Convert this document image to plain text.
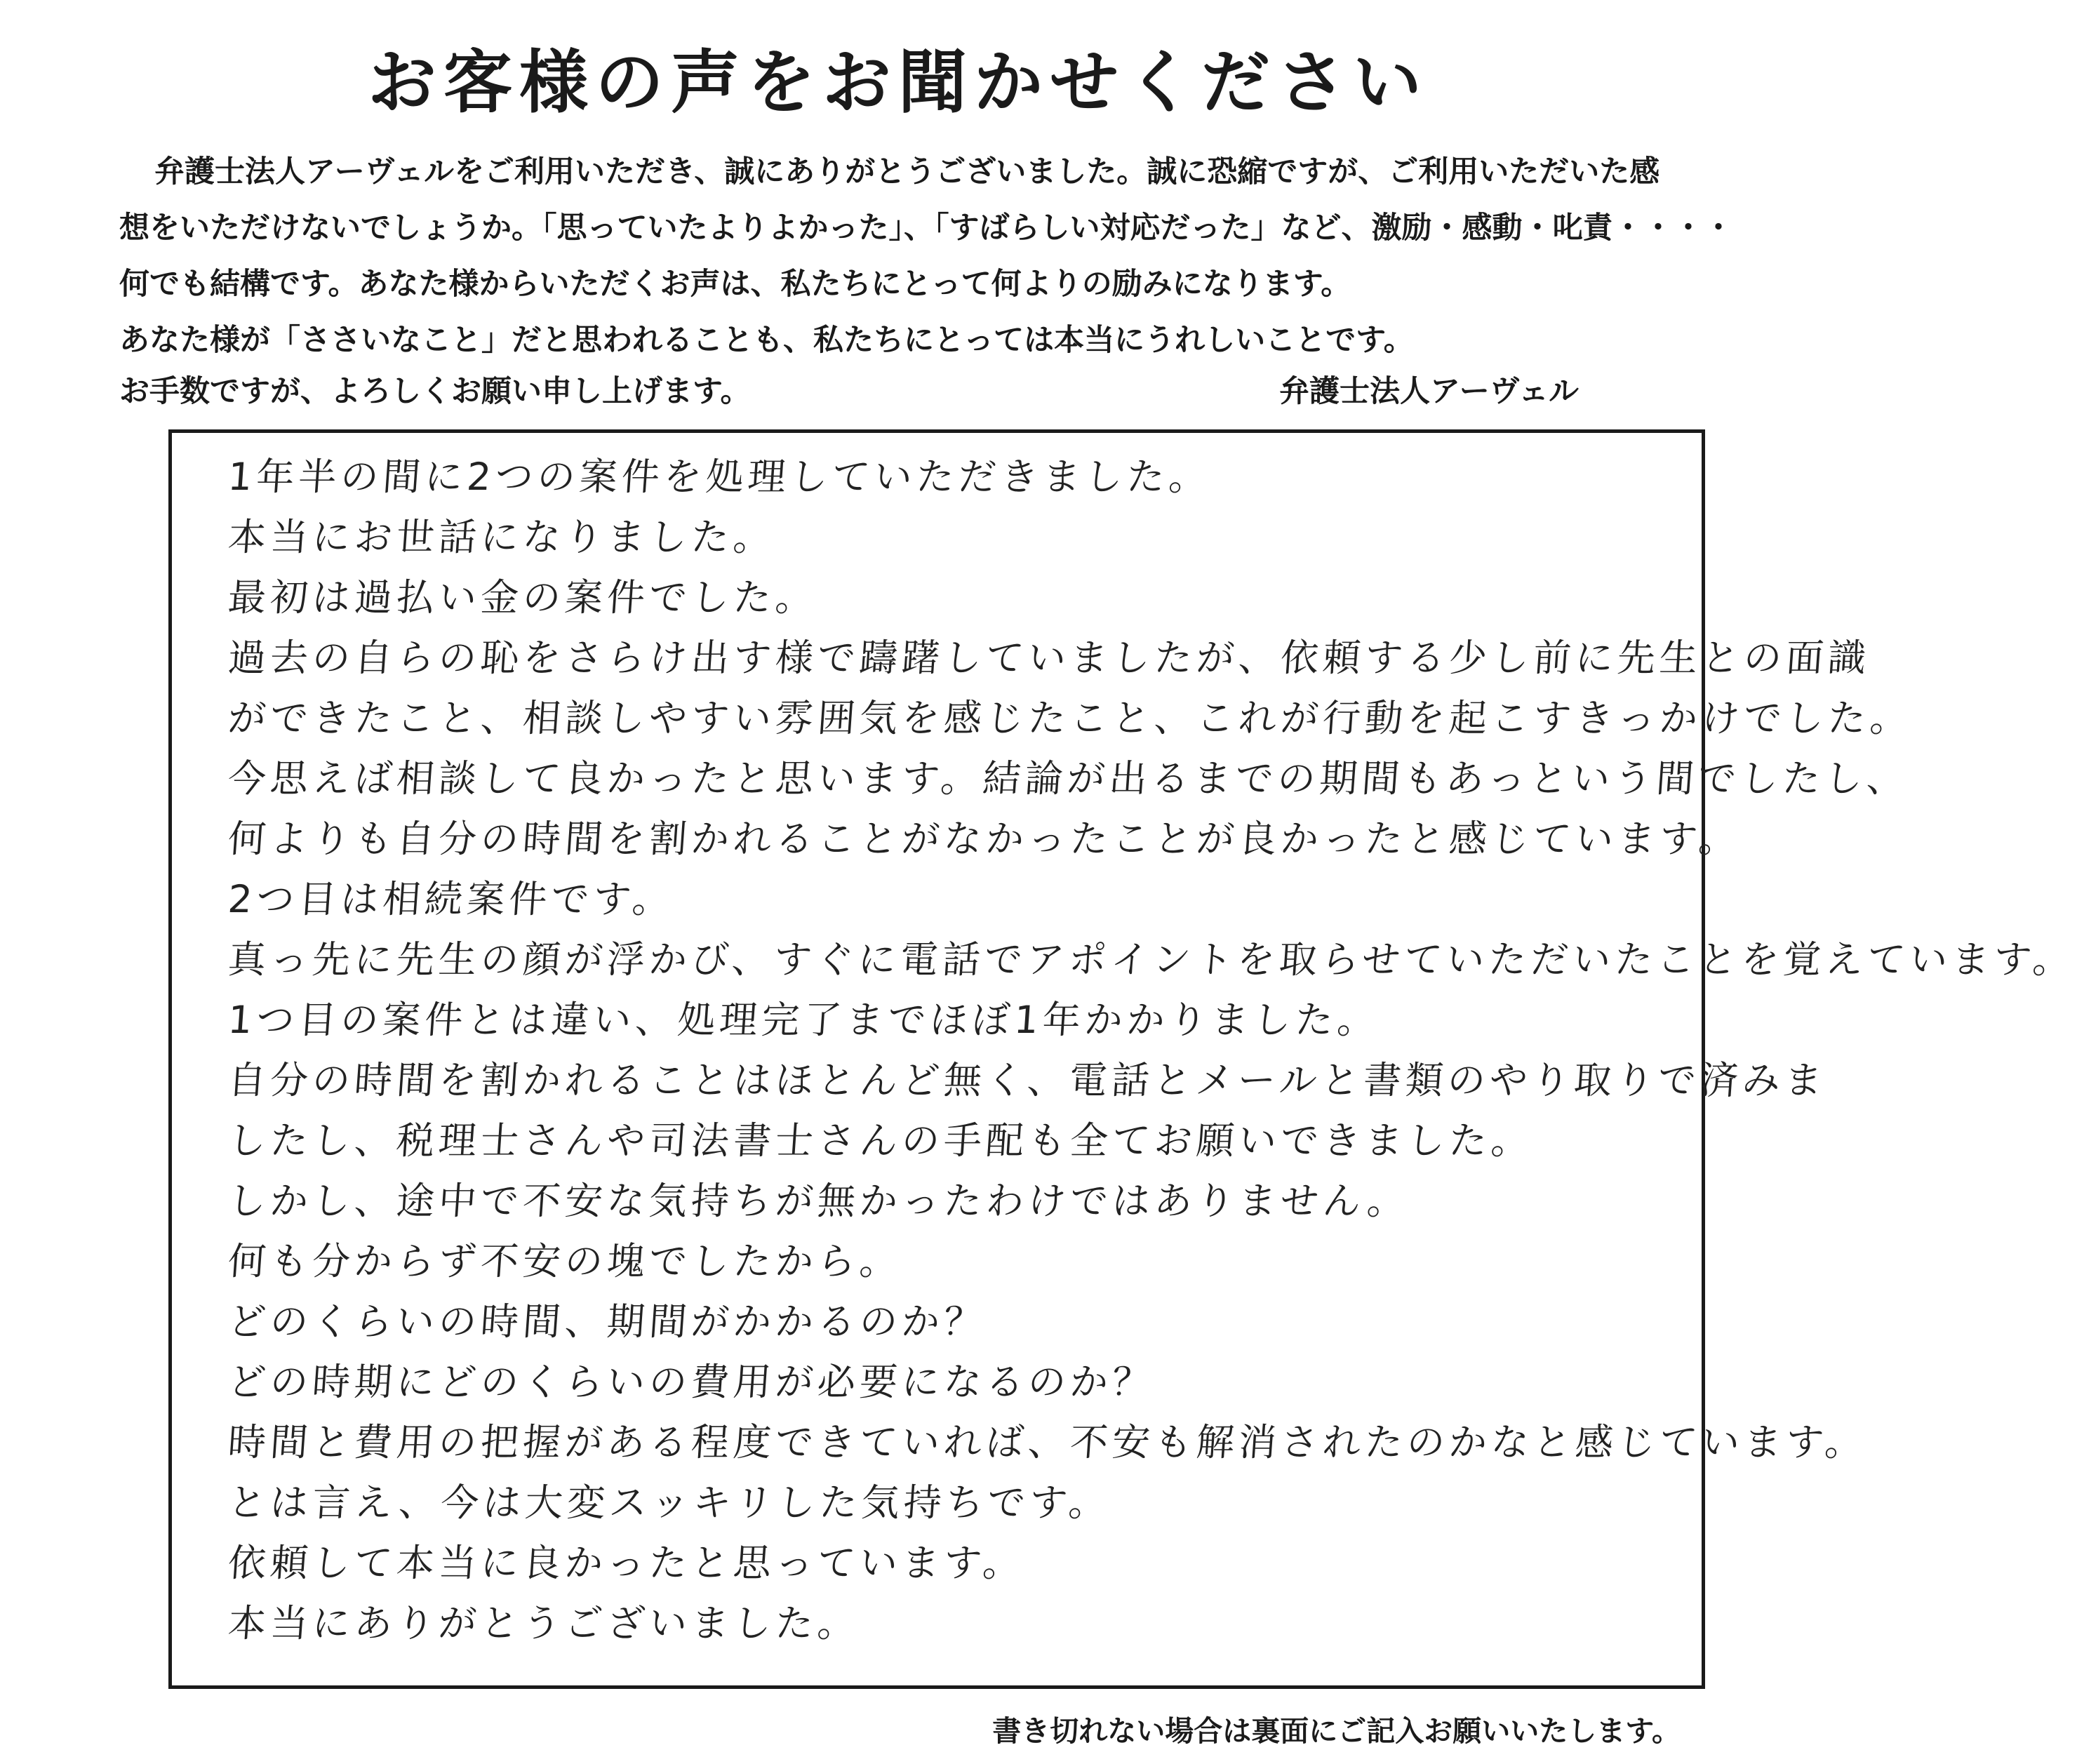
お客様の声をお聞かせください
弁護士法人アーヴェルをご利用いただき、誠にありがとうございました。誠に恐縮ですが、ご利用いただいた感
想をいただけないでしょうか。「思っていたよりよかった」、「すばらしい対応だった」など、激励・感動・叱責・・・・
何でも結構です。あなた様からいただくお声は、私たちにとって何よりの励みになります。
あなた様が「ささいなこと」だと思われることも、私たちにとっては本当にうれしいことです。
お手数ですが、よろしくお願い申し上げます。	弁護士法人アーヴェル
1年半の間に2つの案件を処理していただきました。
本当にお世話になりました。
最初は過払い金の案件でした。
過去の自らの恥をさらけ出す様で躊躇していましたが、依頼する少し前に先生との面識
ができたこと、相談しやすい雰囲気を感じたこと、これが行動を起こすきっかけでした。
今思えば相談して良かったと思います。結論が出るまでの期間もあっという間でしたし、
何よりも自分の時間を割かれることがなかったことが良かったと感じています。
2つ目は相続案件です。
真っ先に先生の顔が浮かび、すぐに電話でアポイントを取らせていただいたことを覚えています。
1つ目の案件とは違い、処理完了までほぼ1年かかりました。
自分の時間を割かれることはほとんど無く、電話とメールと書類のやり取りで済みま
したし、税理士さんや司法書士さんの手配も全てお願いできました。
しかし、途中で不安な気持ちが無かったわけではありません。
何も分からず不安の塊でしたから。
どのくらいの時間、期間がかかるのか？
どの時期にどのくらいの費用が必要になるのか？
時間と費用の把握がある程度できていれば、不安も解消されたのかなと感じています。
とは言え、今は大変スッキリした気持ちです。
依頼して本当に良かったと思っています。
本当にありがとうございました。
書き切れない場合は裏面にご記入お願いいたします。
